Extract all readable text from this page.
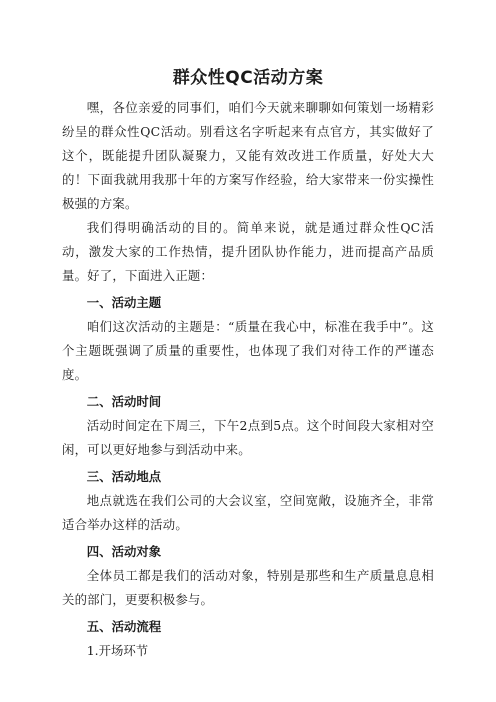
群众性QC活动方案

嘿，各位亲爱的同事们，咱们今天就来聊聊如何策划一场精彩纷呈的群众性QC活动。别看这名字听起来有点官方，其实做好了这个，既能提升团队凝聚力，又能有效改进工作质量，好处大大的！下面我就用我那十年的方案写作经验，给大家带来一份实操性极强的方案。

我们得明确活动的目的。简单来说，就是通过群众性QC活动，激发大家的工作热情，提升团队协作能力，进而提高产品质量。好了，下面进入正题：

一、活动主题

咱们这次活动的主题是：“质量在我心中，标准在我手中”。这个主题既强调了质量的重要性，也体现了我们对待工作的严谨态度。

二、活动时间

活动时间定在下周三，下午2点到5点。这个时间段大家相对空闲，可以更好地参与到活动中来。

三、活动地点

地点就选在我们公司的大会议室，空间宽敞，设施齐全，非常适合举办这样的活动。

四、活动对象

全体员工都是我们的活动对象，特别是那些和生产质量息息相关的部门，更要积极参与。

五、活动流程
1.开场环节
